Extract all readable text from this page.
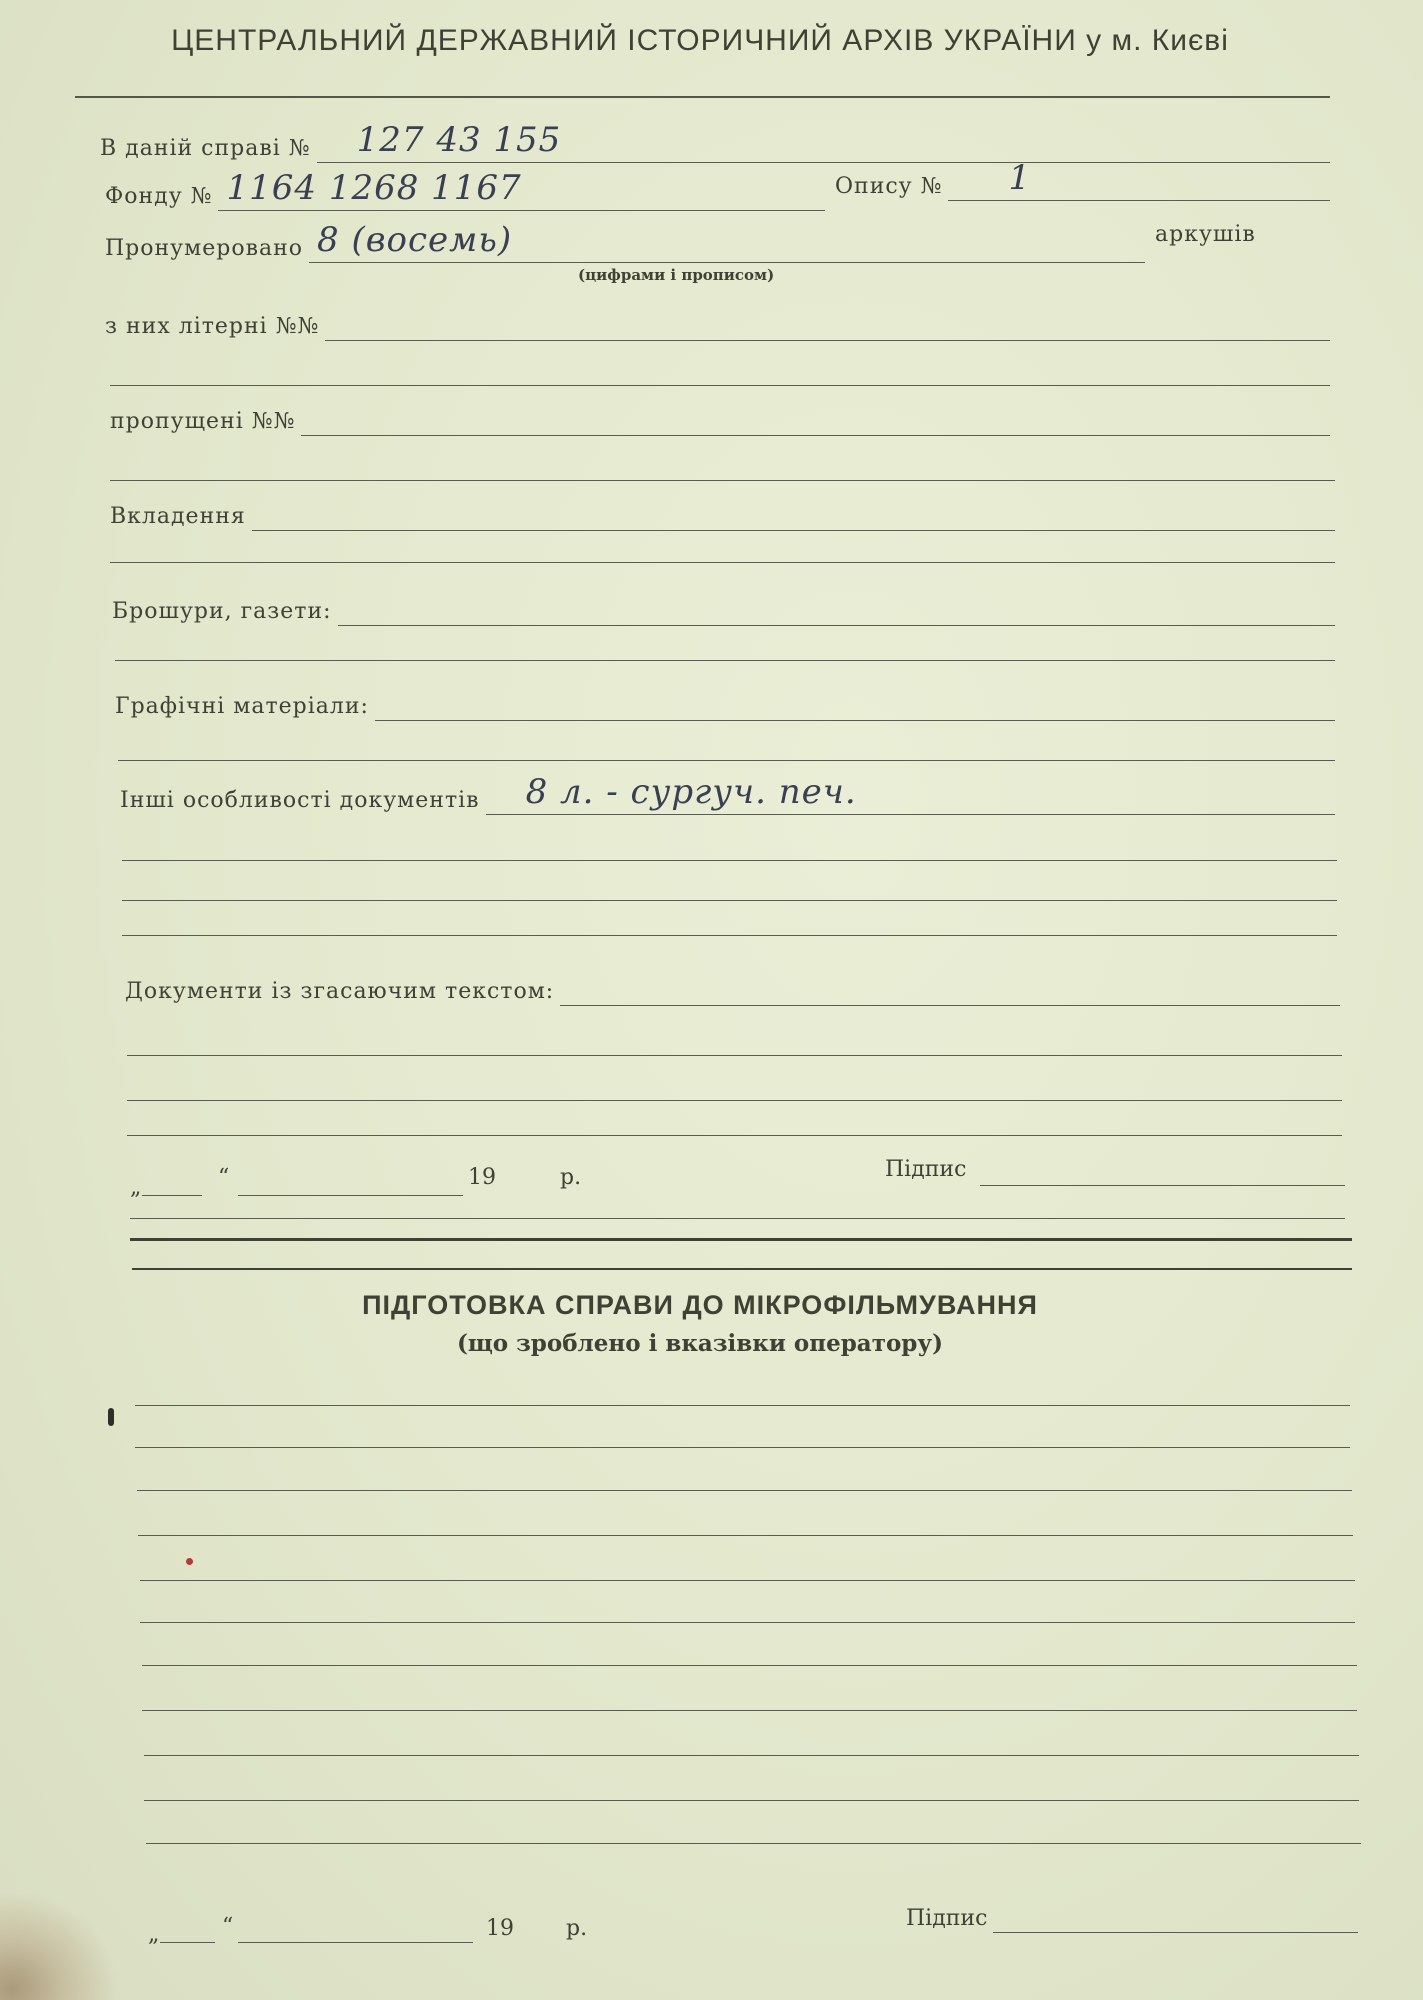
ЦЕНТРАЛЬНИЙ ДЕРЖАВНИЙ ІСТОРИЧНИЙ АРХІВ УКРАЇНИ у м. Києві
В даній справі № 127 43 155
Фонду № 1164 1268 1167	Опису № 1
Пронумеровано 8 (восемь)	аркушів
(цифрами і прописом)
з них літерні №№
пропущені №№
Вкладення
Брошури, газети:
Графічні матеріали:
Інші особливості документів 8 л. - сургуч. печ.
Документи із згасаючим текстом:
„	“	19	р.	Підпис
ПІДГОТОВКА СПРАВИ ДО МІКРОФІЛЬМУВАННЯ
(що зроблено і вказівки оператору)
„	“	19 р.	Підпис
